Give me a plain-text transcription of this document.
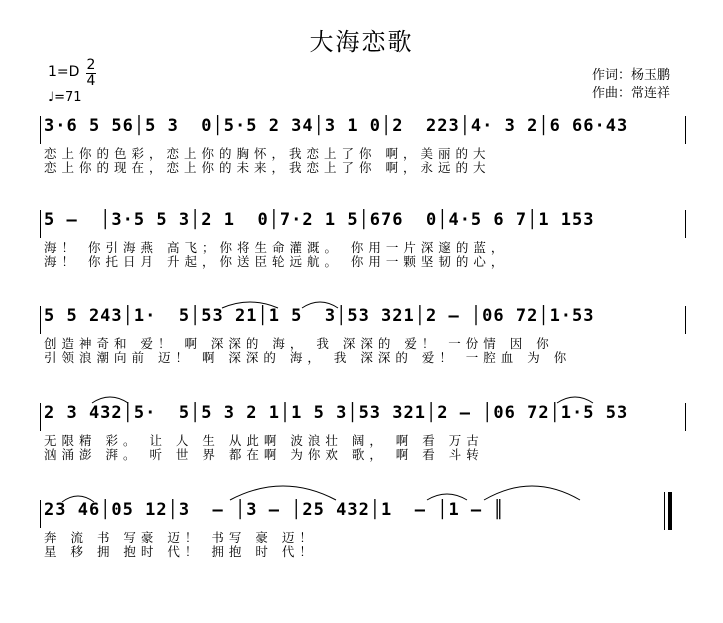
大海恋歌
1=D 2
4
♩=71
作词：杨玉鹏
作曲：常连祥
3·6 5 56│5 3  0│5·5 2 34│3 1 0│2  223│4· 3 2│6 66·43
恋上你的色彩，恋上你的胸怀，我恋上了你 啊，美丽的大
恋上你的现在，恋上你的未来，我恋上了你 啊，永远的大
5 —  │3·5 5 3│2 1  0│7·2 1 5│676  0│4·5 6 7│1 153
海！ 你引海燕 高飞；你将生命灌溉。 你用一片深邃的蓝，
海！ 你托日月 升起，你送臣轮远航。 你用一颗坚韧的心，
5 5 243│1·  5│53 21│1 5  3│53 321│2 — │06 72│1·53
创造神奇和 爱！ 啊 深深的 海， 我 深深的 爱！ 一份情 因 你
引领浪潮向前 迈！ 啊 深深的 海， 我 深深的 爱！ 一腔血 为 你
2 3 432│5·  5│5 3 2 1│1 5 3│53 321│2 — │06 72│1·5 53
无限精 彩。 让 人 生 从此啊 波浪壮 阔， 啊 看 万古
汹涌澎 湃。 听 世 界 都在啊 为你欢 歌， 啊 看 斗转
23 46│05 12│3  — │3 — │25 432│1  — │1 — ║
奔 流 书 写豪 迈！ 书写 豪 迈！
星 移 拥 抱时 代！ 拥抱 时 代！
